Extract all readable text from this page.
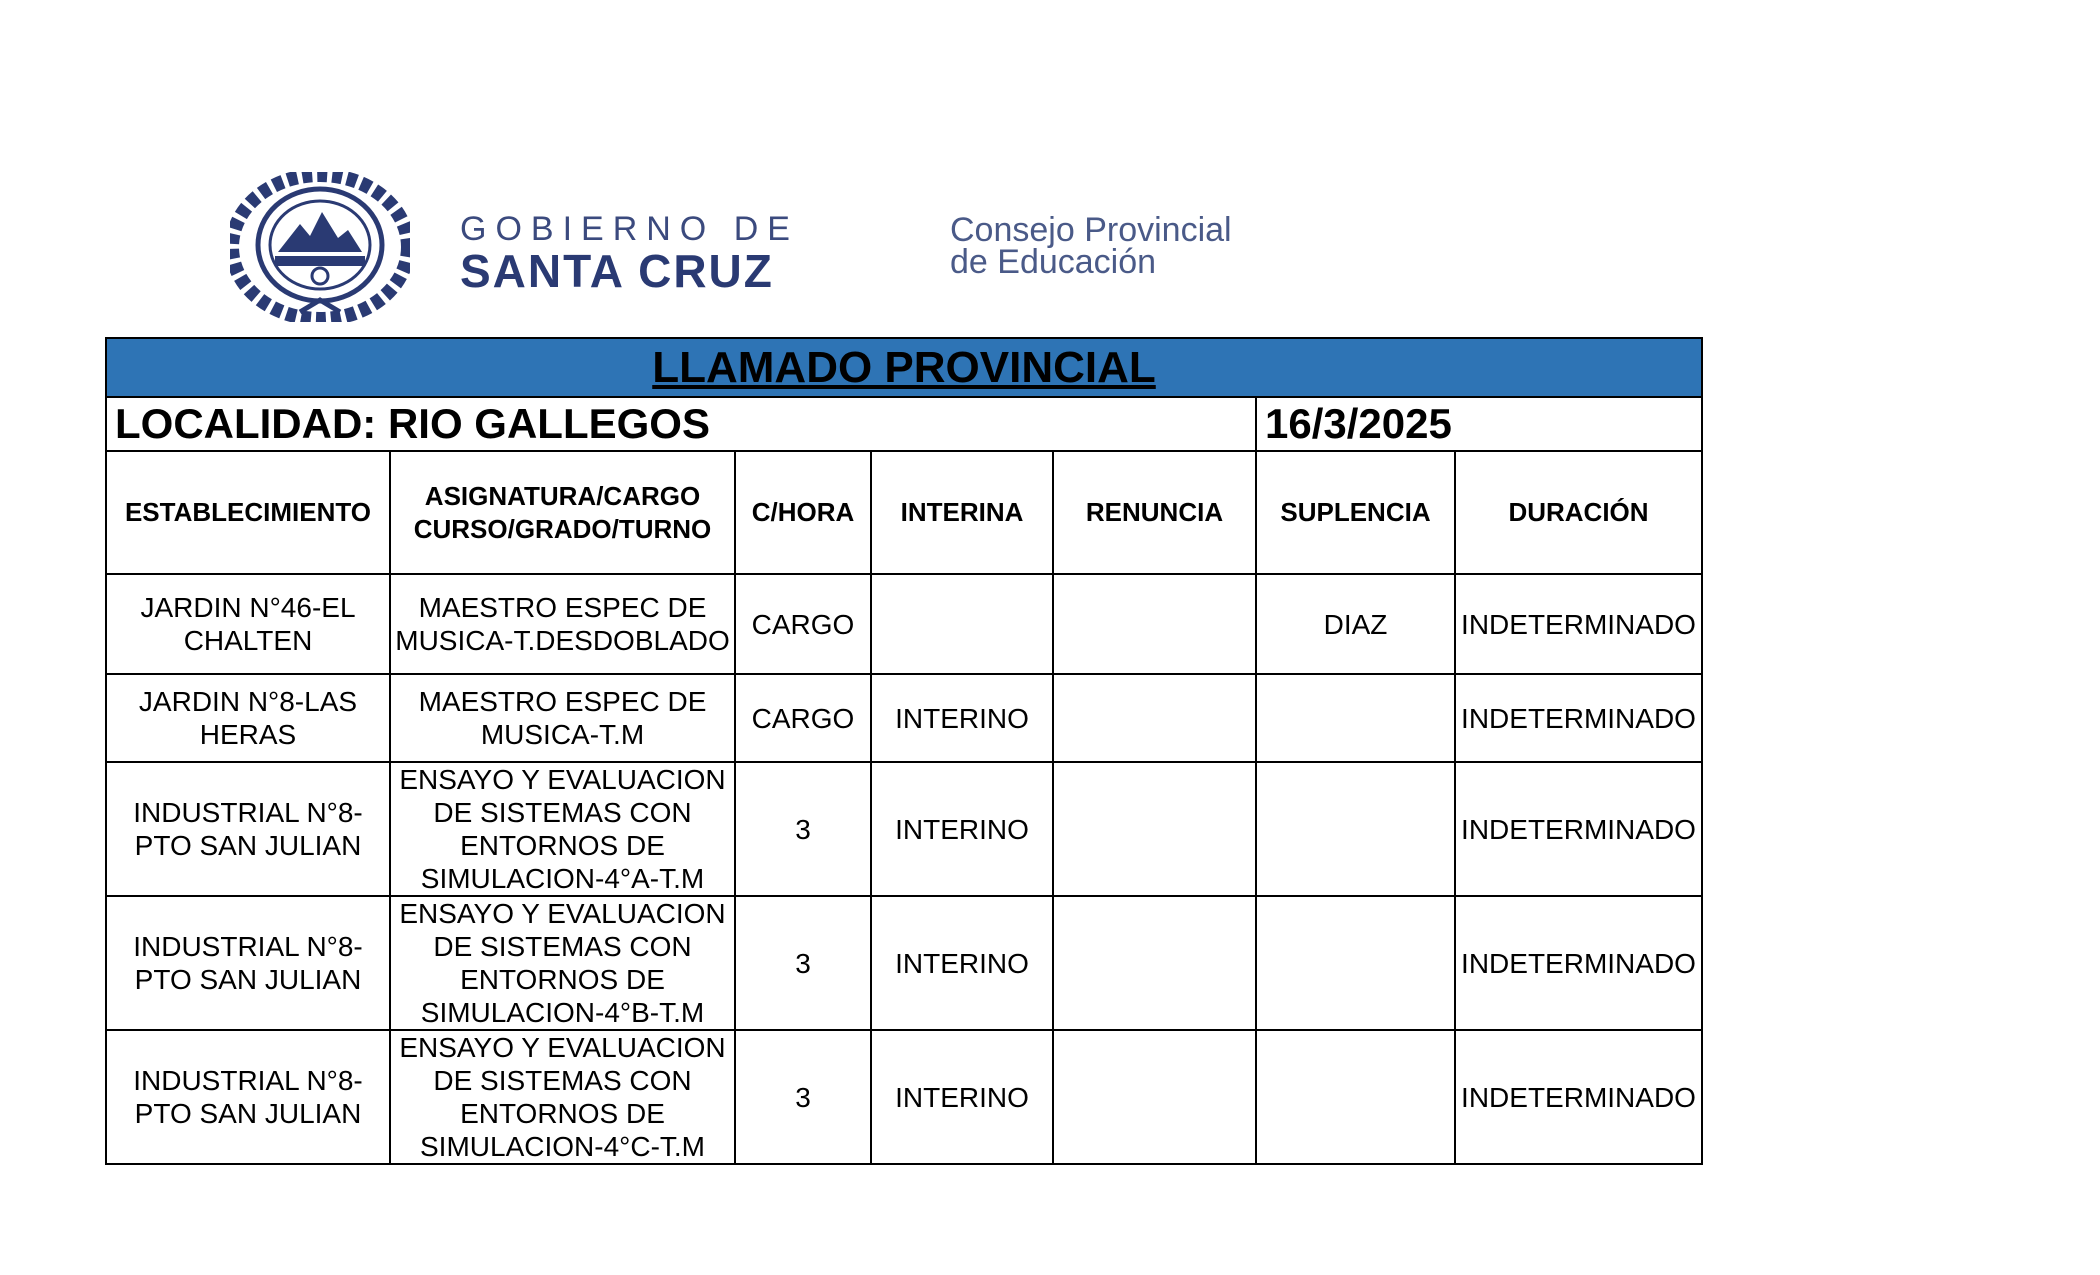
GOBIERNO DE
SANTA CRUZ
Consejo Provincial
de Educación
LLAMADO PROVINCIAL						
LOCALIDAD: RIO GALLEGOS					16/3/2025	
ESTABLECIMIENTO	ASIGNATURA/CARGO CURSO/GRADO/TURNO	C/HORA	INTERINA	RENUNCIA	SUPLENCIA	DURACIÓN
JARDIN N°46-EL CHALTEN	MAESTRO ESPEC DE MUSICA-T.DESDOBLADO	CARGO			DIAZ	INDETERMINADO
JARDIN N°8-LAS HERAS	MAESTRO ESPEC DE MUSICA-T.M	CARGO	INTERINO			INDETERMINADO
INDUSTRIAL N°8-PTO SAN JULIAN	ENSAYO Y EVALUACION DE SISTEMAS CON ENTORNOS DE SIMULACION-4°A-T.M	3	INTERINO			INDETERMINADO
INDUSTRIAL N°8-PTO SAN JULIAN	ENSAYO Y EVALUACION DE SISTEMAS CON ENTORNOS DE SIMULACION-4°B-T.M	3	INTERINO			INDETERMINADO
INDUSTRIAL N°8-PTO SAN JULIAN	ENSAYO Y EVALUACION DE SISTEMAS CON ENTORNOS DE SIMULACION-4°C-T.M	3	INTERINO			INDETERMINADO
